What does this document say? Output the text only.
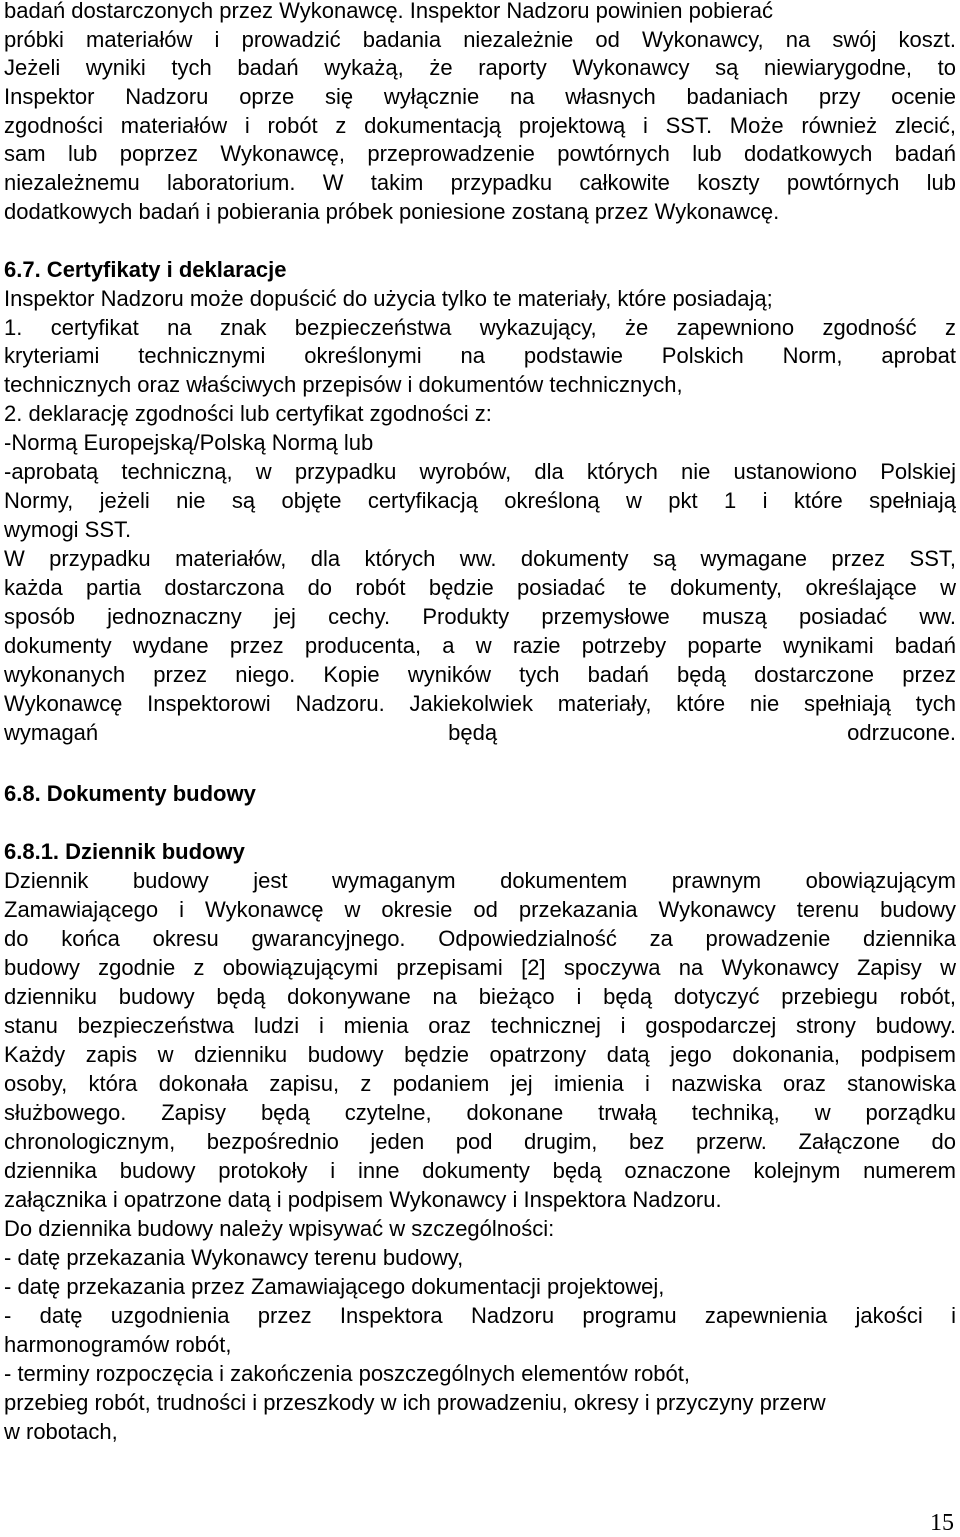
badań dostarczonych przez Wykonawcę. Inspektor Nadzoru powinien pobierać
próbki materiałów i prowadzić badania niezależnie od Wykonawcy, na swój koszt.
Jeżeli wyniki tych badań wykażą, że raporty Wykonawcy są niewiarygodne, to
Inspektor Nadzoru oprze się wyłącznie na własnych badaniach przy ocenie
zgodności materiałów i robót z dokumentacją projektową i SST. Może również zlecić,
sam lub poprzez Wykonawcę, przeprowadzenie powtórnych lub dodatkowych badań
niezależnemu laboratorium. W takim przypadku całkowite koszty powtórnych lub
dodatkowych badań i pobierania próbek poniesione zostaną przez Wykonawcę.
6.7. Certyfikaty i deklaracje
Inspektor Nadzoru może dopuścić do użycia tylko te materiały, które posiadają;
1. certyfikat na znak bezpieczeństwa wykazujący, że zapewniono zgodność z
kryteriami technicznymi określonymi na podstawie Polskich Norm, aprobat
technicznych oraz właściwych przepisów i dokumentów technicznych,
2. deklarację zgodności lub certyfikat zgodności z:
-Normą Europejską/Polską Normą lub
-aprobatą techniczną, w przypadku wyrobów, dla których nie ustanowiono Polskiej
Normy, jeżeli nie są objęte certyfikacją określoną w pkt 1 i które spełniają
wymogi SST.
W przypadku materiałów, dla których ww. dokumenty są wymagane przez SST,
każda partia dostarczona do robót będzie posiadać te dokumenty, określające w
sposób jednoznaczny jej cechy. Produkty przemysłowe muszą posiadać ww.
dokumenty wydane przez producenta, a w razie potrzeby poparte wynikami badań
wykonanych przez niego. Kopie wyników tych badań będą dostarczone przez
Wykonawcę Inspektorowi Nadzoru. Jakiekolwiek materiały, które nie spełniają tych
wymagań będą odrzucone.
6.8. Dokumenty budowy
6.8.1. Dziennik budowy
Dziennik budowy jest wymaganym dokumentem prawnym obowiązującym
Zamawiającego i Wykonawcę w okresie od przekazania Wykonawcy terenu budowy
do końca okresu gwarancyjnego. Odpowiedzialność za prowadzenie dziennika
budowy zgodnie z obowiązującymi przepisami [2] spoczywa na Wykonawcy Zapisy w
dzienniku budowy będą dokonywane na bieżąco i będą dotyczyć przebiegu robót,
stanu bezpieczeństwa ludzi i mienia oraz technicznej i gospodarczej strony budowy.
Każdy zapis w dzienniku budowy będzie opatrzony datą jego dokonania, podpisem
osoby, która dokonała zapisu, z podaniem jej imienia i nazwiska oraz stanowiska
służbowego. Zapisy będą czytelne, dokonane trwałą techniką, w porządku
chronologicznym, bezpośrednio jeden pod drugim, bez przerw. Załączone do
dziennika budowy protokoły i inne dokumenty będą oznaczone kolejnym numerem
załącznika i opatrzone datą i podpisem Wykonawcy i Inspektora Nadzoru.
Do dziennika budowy należy wpisywać w szczególności:
- datę przekazania Wykonawcy terenu budowy,
- datę przekazania przez Zamawiającego dokumentacji projektowej,
- datę uzgodnienia przez Inspektora Nadzoru programu zapewnienia jakości i
harmonogramów robót,
- terminy rozpoczęcia i zakończenia poszczególnych elementów robót,
przebieg robót, trudności i przeszkody w ich prowadzeniu, okresy i przyczyny przerw
w robotach,
15
